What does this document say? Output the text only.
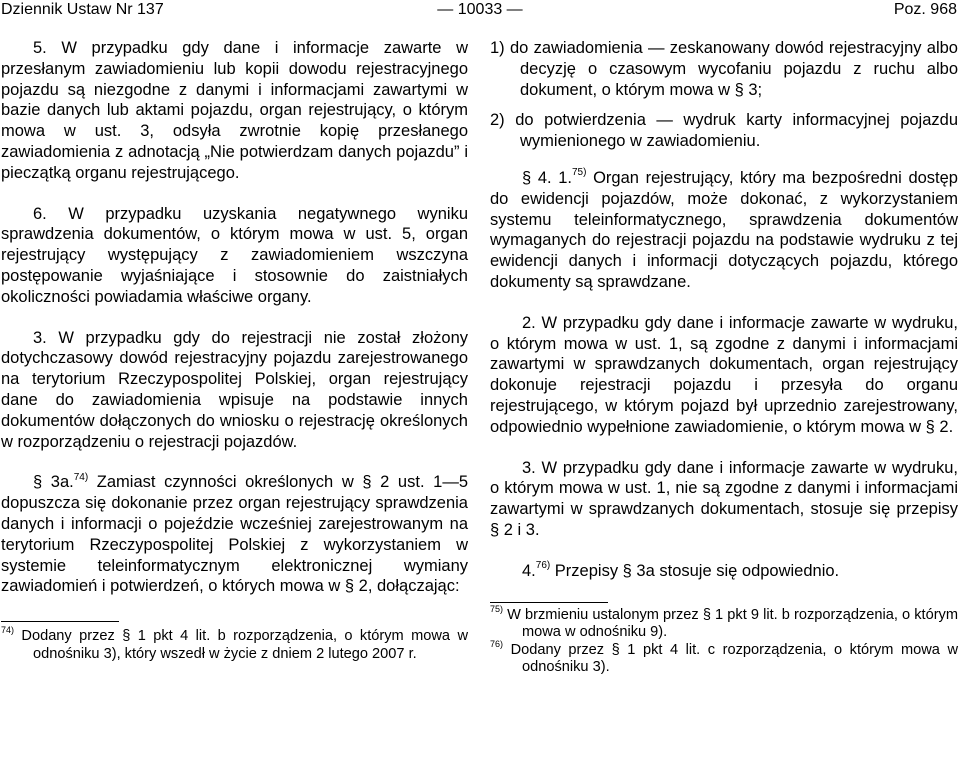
Dziennik Ustaw Nr 137	— 10033 —	Poz. 968

5. W przypadku gdy dane i informacje zawarte w przesłanym zawiadomieniu lub kopii dowodu rejestracyjnego pojazdu są niezgodne z danymi i informacjami zawartymi w bazie danych lub aktami pojazdu, organ rejestrujący, o którym mowa w ust. 3, odsyła zwrotnie kopię przesłanego zawiadomienia z adnotacją „Nie potwierdzam danych pojazdu” i pieczątką organu rejestrującego.

6. W przypadku uzyskania negatywnego wyniku sprawdzenia dokumentów, o którym mowa w ust. 5, organ rejestrujący występujący z zawiadomieniem wszczyna postępowanie wyjaśniające i stosownie do zaistniałych okoliczności powiadamia właściwe organy.

3. W przypadku gdy do rejestracji nie został złożony dotychczasowy dowód rejestracyjny pojazdu zarejestrowanego na terytorium Rzeczypospolitej Polskiej, organ rejestrujący dane do zawiadomienia wpisuje na podstawie innych dokumentów dołączonych do wniosku o rejestrację określonych w rozporządzeniu o rejestracji pojazdów.

§ 3a.$^{74)}$ Zamiast czynności określonych w § 2 ust. 1—5 dopuszcza się dokonanie przez organ rejestrujący sprawdzenia danych i informacji o pojeździe wcześniej zarejestrowanym na terytorium Rzeczypospolitej Polskiej z wykorzystaniem w systemie teleinformatycznym elektronicznej wymiany zawiadomień i potwierdzeń, o których mowa w § 2, dołączając:

$^{74)}$ Dodany przez § 1 pkt 4 lit. b rozporządzenia, o którym mowa w odnośniku 3), który wszedł w życie z dniem 2 lutego 2007 r.

1) do zawiadomienia — zeskanowany dowód rejestracyjny albo decyzję o czasowym wycofaniu pojazdu z ruchu albo dokument, o którym mowa w § 3;

2) do potwierdzenia — wydruk karty informacyjnej pojazdu wymienionego w zawiadomieniu.

§ 4. 1.$^{75)}$ Organ rejestrujący, który ma bezpośredni dostęp do ewidencji pojazdów, może dokonać, z wykorzystaniem systemu teleinformatycznego, sprawdzenia dokumentów wymaganych do rejestracji pojazdu na podstawie wydruku z tej ewidencji danych i informacji dotyczących pojazdu, którego dokumenty są sprawdzane.

2. W przypadku gdy dane i informacje zawarte w wydruku, o którym mowa w ust. 1, są zgodne z danymi i informacjami zawartymi w sprawdzanych dokumentach, organ rejestrujący dokonuje rejestracji pojazdu i przesyła do organu rejestrującego, w którym pojazd był uprzednio zarejestrowany, odpowiednio wypełnione zawiadomienie, o którym mowa w § 2.

3. W przypadku gdy dane i informacje zawarte w wydruku, o którym mowa w ust. 1, nie są zgodne z danymi i informacjami zawartymi w sprawdzanych dokumentach, stosuje się przepisy § 2 i 3.

4.$^{76)}$ Przepisy § 3a stosuje się odpowiednio.

$^{75)}$ W brzmieniu ustalonym przez § 1 pkt 9 lit. b rozporządzenia, o którym mowa w odnośniku 9).

$^{76)}$ Dodany przez § 1 pkt 4 lit. c rozporządzenia, o którym mowa w odnośniku 3).
